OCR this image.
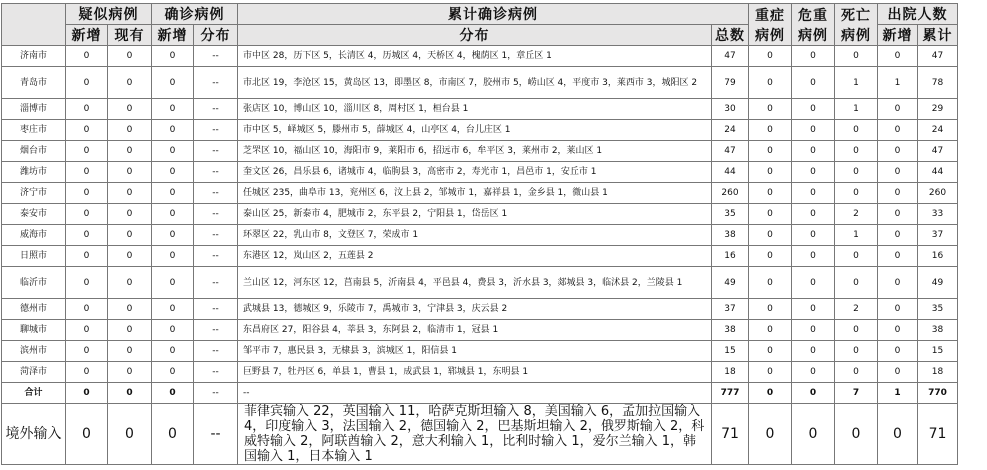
	疑似病例		确诊病例		累计确诊病例		重症病例	危重病例	死亡病例	出院人数	
	新增	现有	新增	分布	分布	总数				新增	累计
济南市	0	0	0	--	市中区 28，历下区 5，长清区 4，历城区 4，天桥区 4，槐荫区 1，章丘区 1	47	0	0	0	0	47
青岛市	0	0	0	--	市北区 19，李沧区 15，黄岛区 13，即墨区 8，市南区 7，胶州市 5，崂山区 4，平度市 3，莱西市 3，城阳区 2	79	0	0	1	1	78
淄博市	0	0	0	--	张店区 10，博山区 10，淄川区 8，周村区 1，桓台县 1	30	0	0	1	0	29
枣庄市	0	0	0	--	市中区 5，峄城区 5，滕州市 5，薛城区 4，山亭区 4，台儿庄区 1	24	0	0	0	0	24
烟台市	0	0	0	--	芝罘区 10，福山区 10，海阳市 9，莱阳市 6，招远市 6，牟平区 3，莱州市 2，莱山区 1	47	0	0	0	0	47
潍坊市	0	0	0	--	奎文区 26，昌乐县 6，诸城市 4，临朐县 3，高密市 2，寿光市 1，昌邑市 1，安丘市 1	44	0	0	0	0	44
济宁市	0	0	0	--	任城区 235，曲阜市 13，兖州区 6，汶上县 2，邹城市 1，嘉祥县 1，金乡县 1，微山县 1	260	0	0	0	0	260
泰安市	0	0	0	--	泰山区 25，新泰市 4，肥城市 2，东平县 2，宁阳县 1，岱岳区 1	35	0	0	2	0	33
威海市	0	0	0	--	环翠区 22，乳山市 8，文登区 7，荣成市 1	38	0	0	1	0	37
日照市	0	0	0	--	东港区 12，岚山区 2，五莲县 2	16	0	0	0	0	16
临沂市	0	0	0	--	兰山区 12，河东区 12，莒南县 5，沂南县 4，平邑县 4，费县 3，沂水县 3，郯城县 3，临沭县 2，兰陵县 1	49	0	0	0	0	49
德州市	0	0	0	--	武城县 13，德城区 9，乐陵市 7，禹城市 3，宁津县 3，庆云县 2	37	0	0	2	0	35
聊城市	0	0	0	--	东昌府区 27，阳谷县 4，莘县 3，东阿县 2，临清市 1，冠县 1	38	0	0	0	0	38
滨州市	0	0	0	--	邹平市 7，惠民县 3，无棣县 3，滨城区 1，阳信县 1	15	0	0	0	0	15
菏泽市	0	0	0	--	巨野县 7，牡丹区 6，单县 1，曹县 1，成武县 1，郓城县 1，东明县 1	18	0	0	0	0	18
合计	0	0	0	--	--	777	0	0	7	1	770
境外输入	0	0	0	--	菲律宾输入 22，英国输入 11，哈萨克斯坦输入 8，美国输入 6，孟加拉国输入 4，印度输入 3，法国输入 2，德国输入 2，巴基斯坦输入 2，俄罗斯输入 2，科威特输入 2，阿联酋输入 2，意大利输入 1，比利时输入 1，爱尔兰输入 1，韩国输入 1，日本输入 1	71	0	0	0	0	71
